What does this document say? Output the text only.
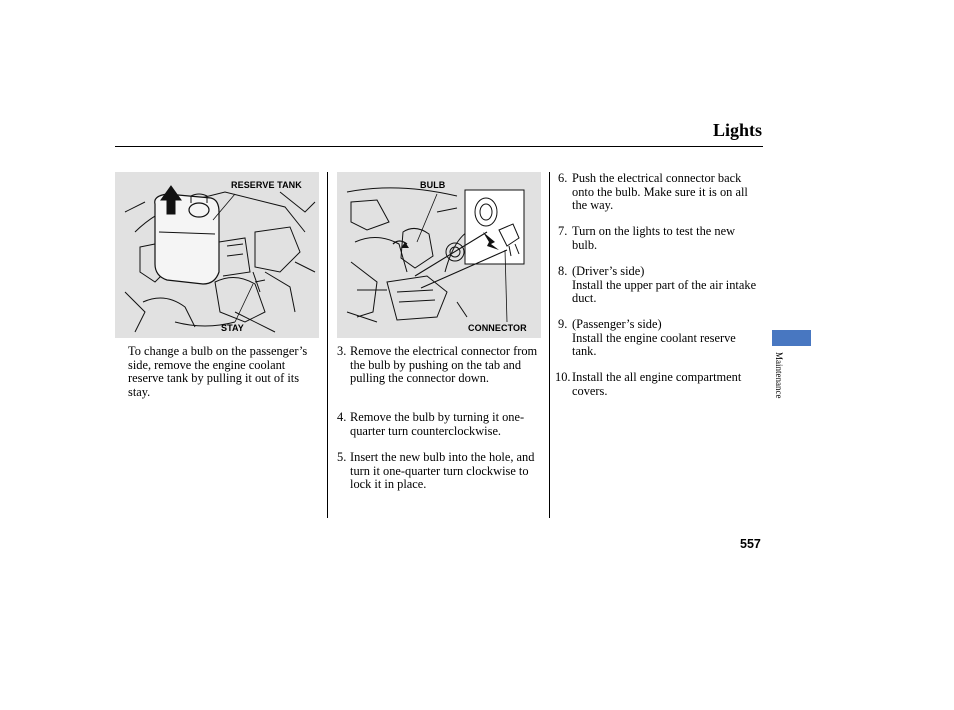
Lights
RESERVE TANK
STAY
BULB
CONNECTOR
To change a bulb on the passenger’s side, remove the engine coolant reserve tank by pulling it out of its stay.
3. Remove the electrical connector from the bulb by pushing on the tab and pulling the connector down.
4. Remove the bulb by turning it one-quarter turn counterclockwise.
5. Insert the new bulb into the hole, and turn it one-quarter turn clockwise to lock it in place.
6. Push the electrical connector back onto the bulb. Make sure it is on all the way.
7. Turn on the lights to test the new bulb.
8. (Driver’s side)
Install the upper part of the air intake duct.
9. (Passenger’s side)
Install the engine coolant reserve tank.
10. Install the all engine compartment covers.	Maintenance
557
